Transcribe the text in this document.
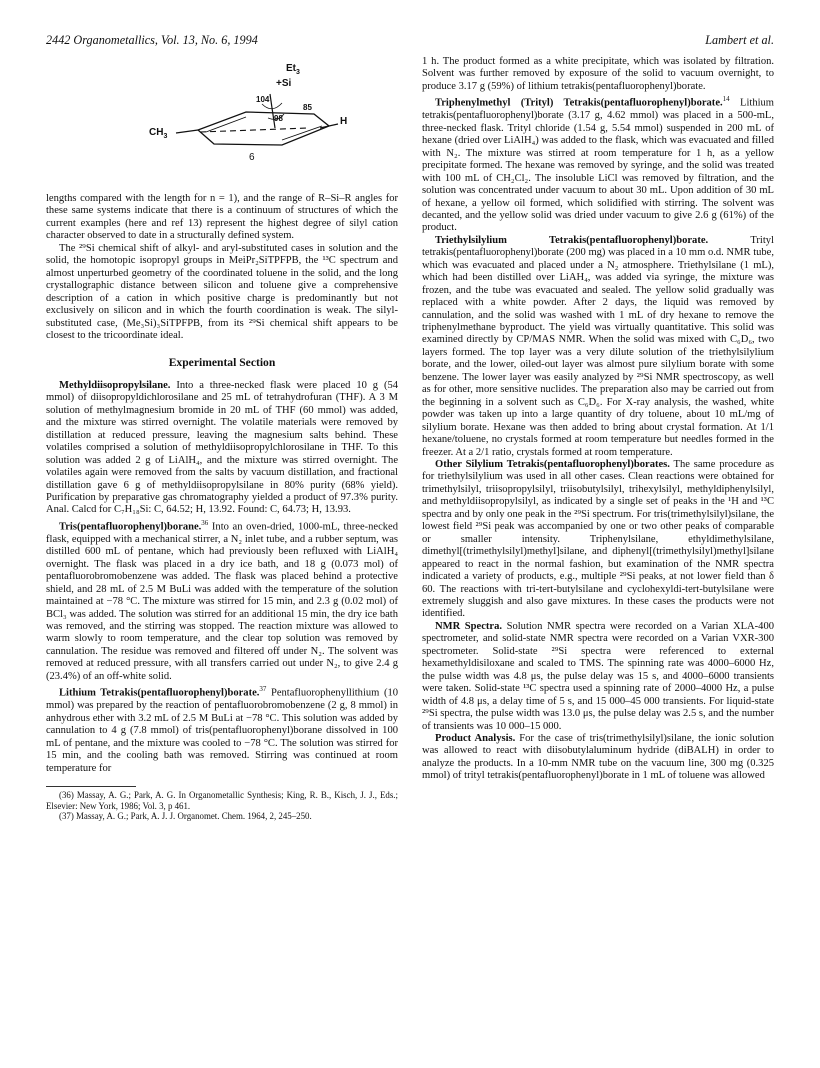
2442 Organometallics, Vol. 13, No. 6, 1994	Lambert et al.
$Et_3$
+Si
104
85
98
$CH_3$
H
6

lengths compared with the length for n = 1), and the range of R–Si–R angles for these same systems indicate that there is a continuum of structures of which the current examples (here and ref 13) represent the highest degree of silyl cation character observed to date in a structurally defined system.

The ²⁹Si chemical shift of alkyl- and aryl-substituted cases in solution and the solid, the homotopic isopropyl groups in MeiPr₂SiTPFPB, the ¹³C spectrum and almost unperturbed geometry of the coordinated toluene in the solid, and the long crystallographic distance between silicon and toluene give a comprehensive description of a cation in which positive charge is predominantly but not exclusively on silicon and in which the fourth coordination is weak. The silyl-substituted case, (Me₃Si)₃SiTPFPB, from its ²⁹Si chemical shift appears to be closest to the tricoordinate ideal.

Experimental Section

Methyldiisopropylsilane. Into a three-necked flask were placed 10 g (54 mmol) of diisopropyldichlorosilane and 25 mL of tetrahydrofuran (THF). A 3 M solution of methylmagnesium bromide in 20 mL of THF (60 mmol) was added, and the mixture was stirred overnight. The volatile materials were removed by distillation at reduced pressure, leaving the magnesium salts behind. These volatiles comprised a solution of methyldiisopropylchlorosilane in THF. To this solution was added 2 g of LiAlH₄, and the mixture was stirred overnight. The volatiles again were removed from the salts by vacuum distillation, and fractional distillation gave 6 g of methyldiisopropylsilane in 80% purity (68% yield). Purification by preparative gas chromatography yielded a product of 97.3% purity. Anal. Calcd for C₇H₁₈Si: C, 64.52; H, 13.92. Found: C, 64.73; H, 13.93.

Tris(pentafluorophenyl)borane.$^{36}$ Into an oven-dried, 1000-mL, three-necked flask, equipped with a mechanical stirrer, a N₂ inlet tube, and a rubber septum, was distilled 600 mL of pentane, which had previously been refluxed with LiAlH₄ overnight. The flask was placed in a dry ice bath, and 18 g (0.073 mol) of pentafluorobromobenzene was added. The flask was placed behind a protective shield, and 28 mL of 2.5 M BuLi was added with the temperature of the solution maintained at −78 °C. The mixture was stirred for 15 min, and 2.3 g (0.02 mol) of BCl₃ was added. The solution was stirred for an additional 15 min, the dry ice bath was removed, and the stirring was stopped. The reaction mixture was allowed to warm slowly to room temperature, and the clear top solution was removed by cannulation. The residue was removed and filtered off under N₂. The solvent was removed at reduced pressure, with all transfers carried out under N₂, to give 2.4 g (23.4%) of an off-white solid.

Lithium Tetrakis(pentafluorophenyl)borate.$^{37}$ Pentafluorophenyllithium (10 mmol) was prepared by the reaction of pentafluorobromobenzene (2 g, 8 mmol) in anhydrous ether with 3.2 mL of 2.5 M BuLi at −78 °C. This solution was added by cannulation to 4 g (7.8 mmol) of tris(pentafluorophenyl)borane dissolved in 100 mL of pentane, and the mixture was cooled to −78 °C. The solution was stirred for 15 min, and the cooling bath was removed. Stirring was continued at room temperature for

(36) Massay, A. G.; Park, A. G. In Organometallic Synthesis; King, R. B., Kisch, J. J., Eds.; Elsevier: New York, 1986; Vol. 3, p 461.

(37) Massay, A. G.; Park, A. J. J. Organomet. Chem. 1964, 2, 245–250.

1 h. The product formed as a white precipitate, which was isolated by filtration. Solvent was further removed by exposure of the solid to vacuum overnight, to produce 3.17 g (59%) of lithium tetrakis(pentafluorophenyl)borate.

Triphenylmethyl (Trityl) Tetrakis(pentafluorophenyl)borate.$^{14}$ Lithium tetrakis(pentafluorophenyl)borate (3.17 g, 4.62 mmol) was placed in a 500-mL, three-necked flask. Trityl chloride (1.54 g, 5.54 mmol) suspended in 200 mL of hexane (dried over LiAlH₄) was added to the flask, which was evacuated and filled with N₂. The mixture was stirred at room temperature for 1 h, as a yellow precipitate formed. The hexane was removed by syringe, and the solid was treated with 100 mL of CH₂Cl₂. The insoluble LiCl was removed by filtration, and the solution was concentrated under vacuum to about 30 mL. Upon addition of 30 mL of hexane, a yellow oil formed, which solidified with stirring. The solvent was decanted, and the yellow solid was dried under vacuum to give 2.6 g (61%) of the product.

Triethylsilylium Tetrakis(pentafluorophenyl)borate. Trityl tetrakis(pentafluorophenyl)borate (200 mg) was placed in a 10 mm o.d. NMR tube, which was evacuated and placed under a N₂ atmosphere. Triethylsilane (1 mL), which had been distilled over LiAH₄, was added via syringe, the mixture was frozen, and the tube was evacuated and sealed. The yellow solid gradually was replaced with a white powder. After 2 days, the liquid was removed by cannulation, and the solid was washed with 1 mL of dry hexane to remove the triphenylmethane byproduct. The yield was virtually quantitative. This solid was examined directly by CP/MAS NMR. When the solid was mixed with C₆D₆, two layers formed. The top layer was a very dilute solution of the triethylsilylium borate, and the lower, oiled-out layer was almost pure silylium borate with some benzene. The lower layer was easily analyzed by ²⁹Si NMR spectroscopy, as well as for other, more sensitive nuclides. The preparation also may be carried out from the beginning in a solvent such as C₆D₆. For X-ray analysis, the washed, white powder was taken up into a large quantity of dry toluene, about 10 mL/mg of silylium borate. Hexane was then added to bring about crystal formation. At 1/1 hexane/toluene, no crystals formed at room temperature but needles formed in the freezer. At a 2/1 ratio, crystals formed at room temperature.

Other Silylium Tetrakis(pentafluorophenyl)borates. The same procedure as for triethylsilylium was used in all other cases. Clean reactions were obtained for trimethylsilyl, triisopropylsilyl, triisobutylsilyl, trihexylsilyl, methyldiphenylsilyl, and methyldiisopropylsilyl, as indicated by a single set of peaks in the ¹H and ¹³C spectra and by only one peak in the ²⁹Si spectrum. For tris(trimethylsilyl)silane, the lowest field ²⁹Si peak was accompanied by one or two other peaks of comparable or smaller intensity. Triphenylsilane, ethyldimethylsilane, dimethyl[(trimethylsilyl)methyl]silane, and diphenyl[(trimethylsilyl)methyl]silane appeared to react in the normal fashion, but examination of the NMR spectra indicated a variety of products, e.g., multiple ²⁹Si peaks, at not lower field than δ 60. The reactions with tri-tert-butylsilane and cyclohexyldi-tert-butylsilane were extremely sluggish and also gave mixtures. In these cases the products were not identified.

NMR Spectra. Solution NMR spectra were recorded on a Varian XLA-400 spectrometer, and solid-state NMR spectra were recorded on a Varian VXR-300 spectrometer. Solid-state ²⁹Si spectra were referenced to external hexamethyldisiloxane and scaled to TMS. The spinning rate was 4000–6000 Hz, the pulse width was 4.8 μs, the pulse delay was 15 s, and 4000–6000 transients were taken. Solid-state ¹³C spectra used a spinning rate of 2000–4000 Hz, a pulse width of 4.8 μs, a delay time of 5 s, and 15 000–45 000 transients. For liquid-state ²⁹Si spectra, the pulse width was 13.0 μs, the pulse delay was 2.5 s, and the number of transients was 10 000–15 000.

Product Analysis. For the case of tris(trimethylsilyl)silane, the ionic solution was allowed to react with diisobutylaluminum hydride (diBALH) in order to analyze the products. In a 10-mm NMR tube on the vacuum line, 300 mg (0.325 mmol) of trityl tetrakis(pentafluorophenyl)borate in 1 mL of toluene was allowed
